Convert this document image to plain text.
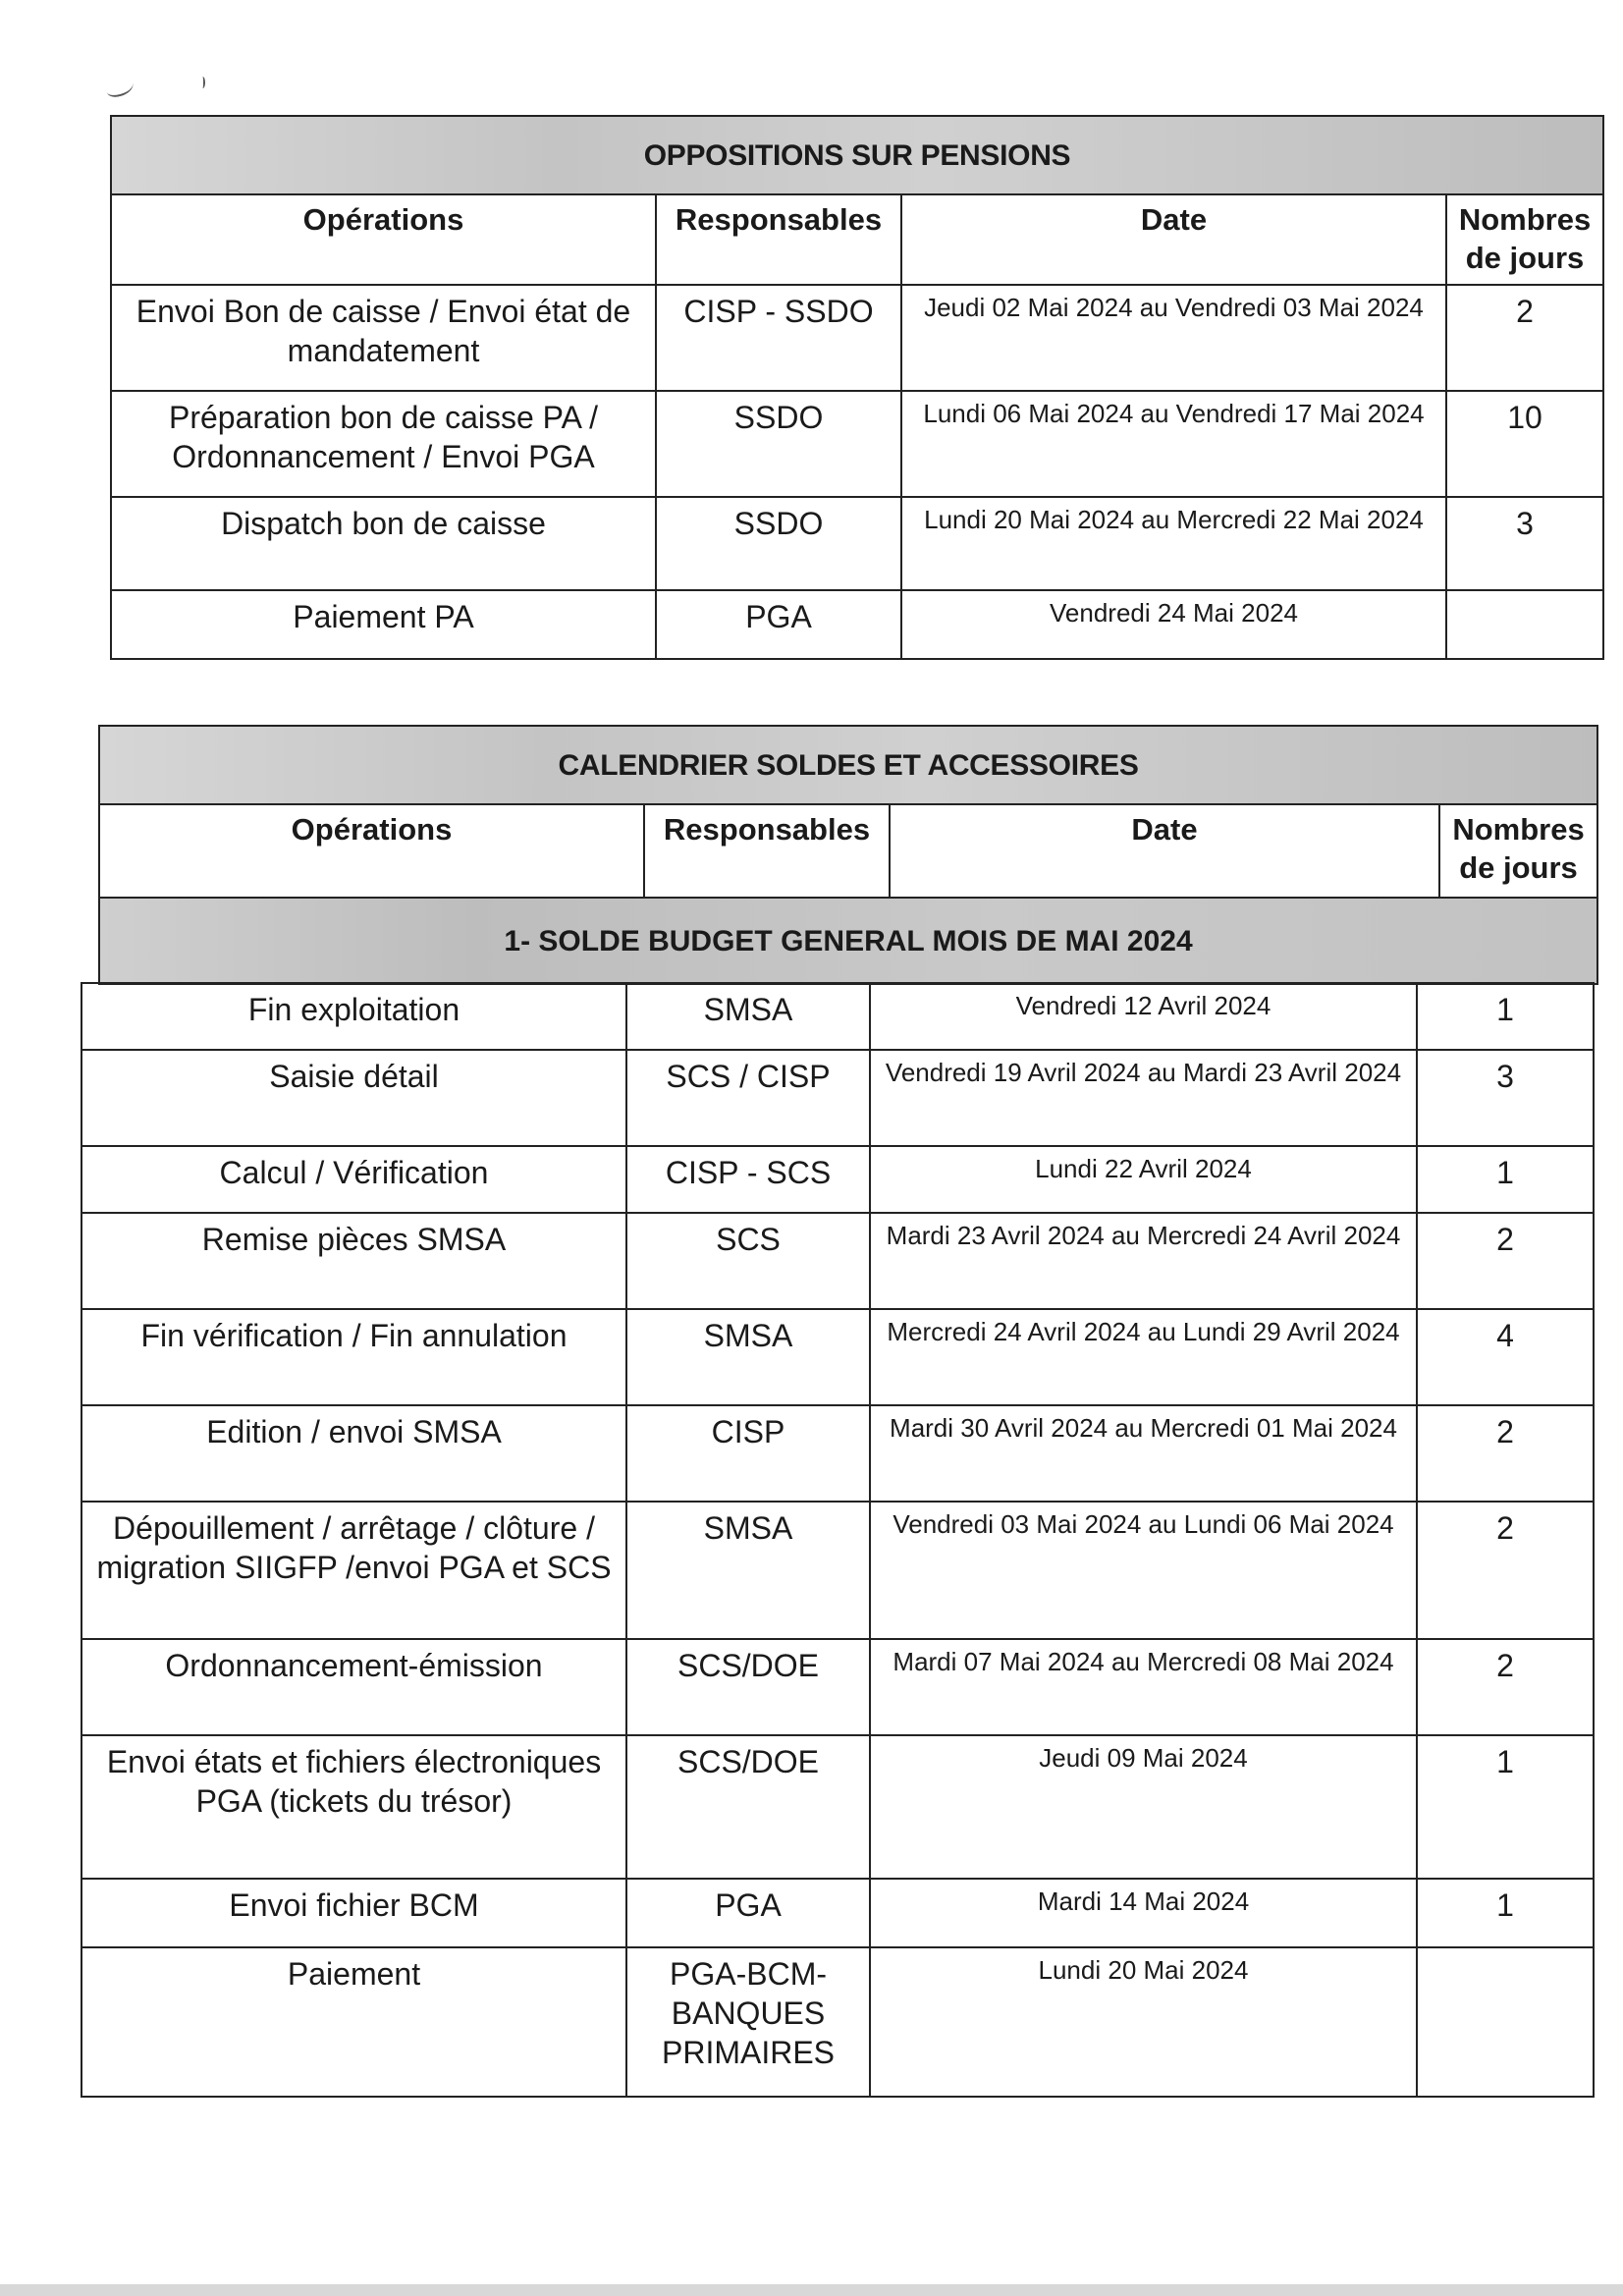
OPPOSITIONS SUR PENSIONS			
Opérations	Responsables	Date	Nombres de jours
Envoi Bon de caisse / Envoi état de mandatement	CISP - SSDO	Jeudi 02 Mai 2024 au Vendredi 03 Mai 2024	2
Préparation bon de caisse PA / Ordonnancement / Envoi PGA	SSDO	Lundi 06 Mai 2024 au Vendredi 17 Mai 2024	10
Dispatch bon de caisse	SSDO	Lundi 20 Mai 2024 au Mercredi 22 Mai 2024	3
Paiement PA	PGA	Vendredi 24 Mai 2024	
CALENDRIER SOLDES ET ACCESSOIRES
Opérations	Responsables	Date	Nombres de jours
1- SOLDE BUDGET GENERAL MOIS DE MAI 2024
Fin exploitation	SMSA	Vendredi 12 Avril 2024	1
Saisie détail	SCS / CISP	Vendredi 19 Avril 2024 au Mardi 23 Avril 2024	3
Calcul / Vérification	CISP - SCS	Lundi 22 Avril 2024	1
Remise pièces SMSA	SCS	Mardi 23 Avril 2024 au Mercredi 24 Avril 2024	2
Fin vérification / Fin annulation	SMSA	Mercredi 24 Avril 2024 au Lundi 29 Avril 2024	4
Edition / envoi SMSA	CISP	Mardi 30 Avril 2024 au Mercredi 01 Mai 2024	2
Dépouillement / arrêtage / clôture / migration SIIGFP /envoi PGA et SCS	SMSA	Vendredi 03 Mai 2024 au Lundi 06 Mai 2024	2
Ordonnancement-émission	SCS/DOE	Mardi 07 Mai 2024 au Mercredi 08 Mai 2024	2
Envoi états et fichiers électroniques PGA (tickets du trésor)	SCS/DOE	Jeudi 09 Mai 2024	1
Envoi fichier BCM	PGA	Mardi 14 Mai 2024	1
Paiement	PGA-BCM-BANQUES PRIMAIRES	Lundi 20 Mai 2024	
